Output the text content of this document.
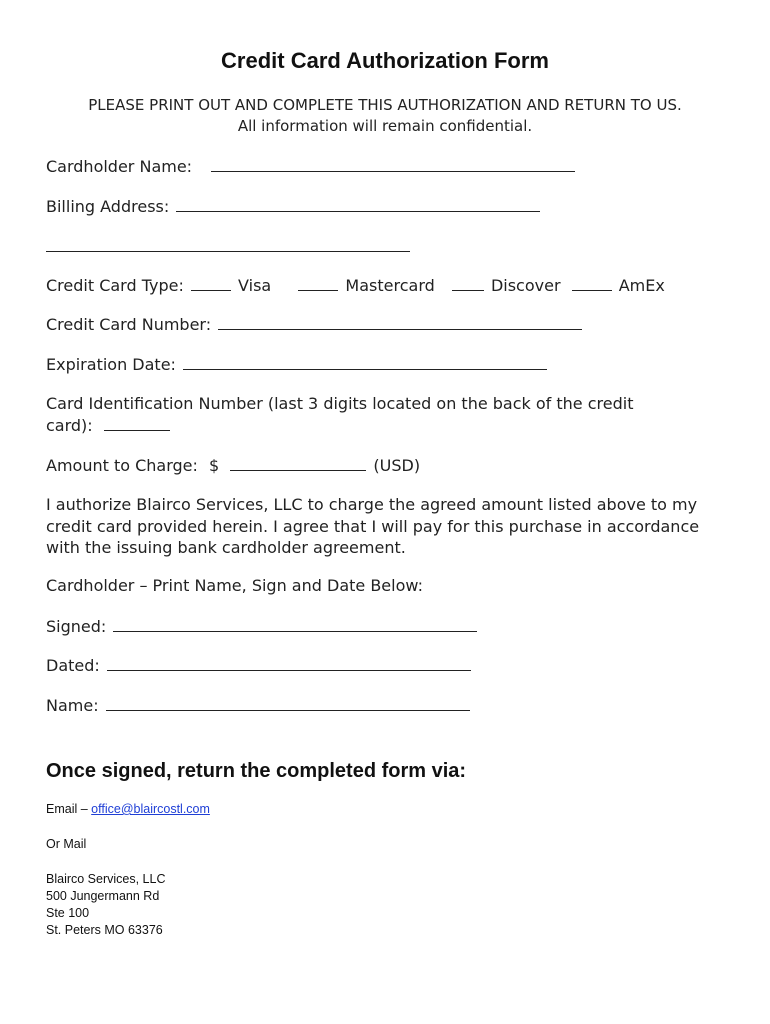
Credit Card Authorization Form
PLEASE PRINT OUT AND COMPLETE THIS AUTHORIZATION AND RETURN TO US.
All information will remain confidential.
Cardholder Name:
Billing Address:
Credit Card Type:	Visa	Mastercard	Discover	AmEx
Credit Card Number:
Expiration Date:
Card Identification Number (last 3 digits located on the back of the credit
card):
Amount to Charge: $	(USD)
I authorize Blairco Services, LLC to charge the agreed amount listed above to my credit card provided herein. I agree that I will pay for this purchase in accordance with the issuing bank cardholder agreement.
Cardholder – Print Name, Sign and Date Below:
Signed:
Dated:
Name:
Once signed, return the completed form via:
Email – office@blaircostl.com
Or Mail
Blairco Services, LLC
500 Jungermann Rd
Ste 100
St. Peters MO 63376
